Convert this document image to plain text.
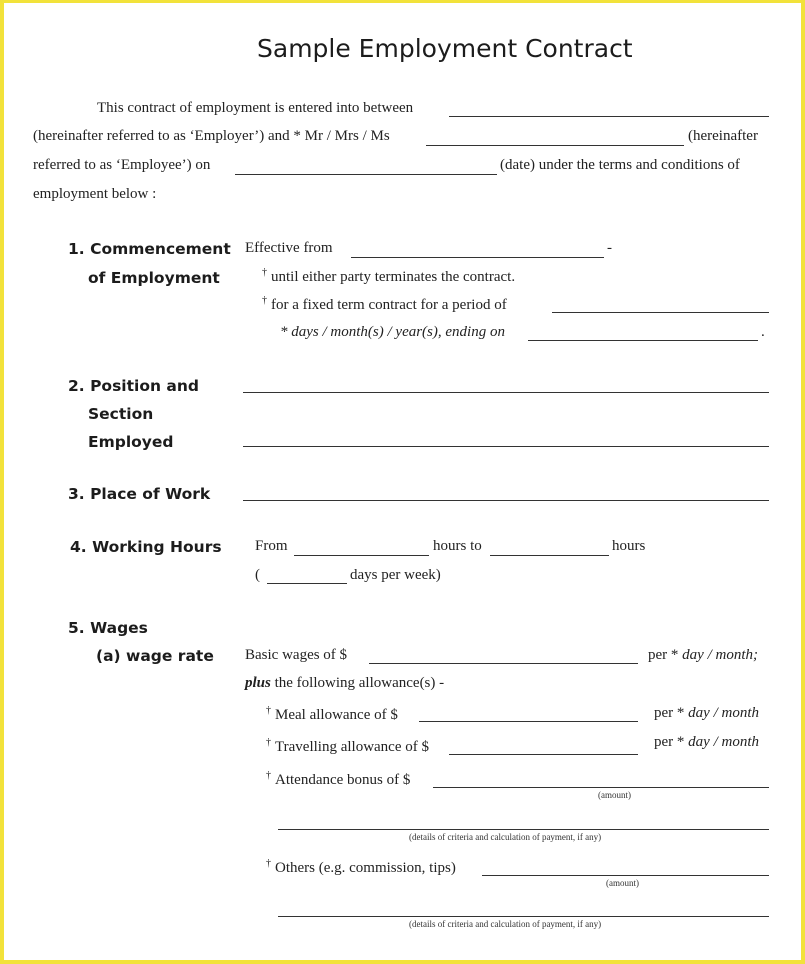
Sample Employment Contract
This contract of employment is entered into between
(hereinafter referred to as ‘Employer’) and * Mr / Mrs / Ms	(hereinafter
referred to as ‘Employee’) on	(date) under the terms and conditions of
employment below :
1. Commencement
of Employment
Effective from	-
† until either party terminates the contract.
† for a fixed term contract for a period of
* days / month(s) / year(s), ending on	.
2. Position and
Section
Employed
3. Place of Work
4. Working Hours From	hours to	hours
(	days per week)
5. Wages
(a) wage rate Basic wages of $	per * day / month;
plus the following allowance(s) -
† Meal allowance of $	per * day / month
† Travelling allowance of $	per * day / month
† Attendance bonus of $
(amount)
(details of criteria and calculation of payment, if any)
† Others (e.g. commission, tips)
(amount)
(details of criteria and calculation of payment, if any)
